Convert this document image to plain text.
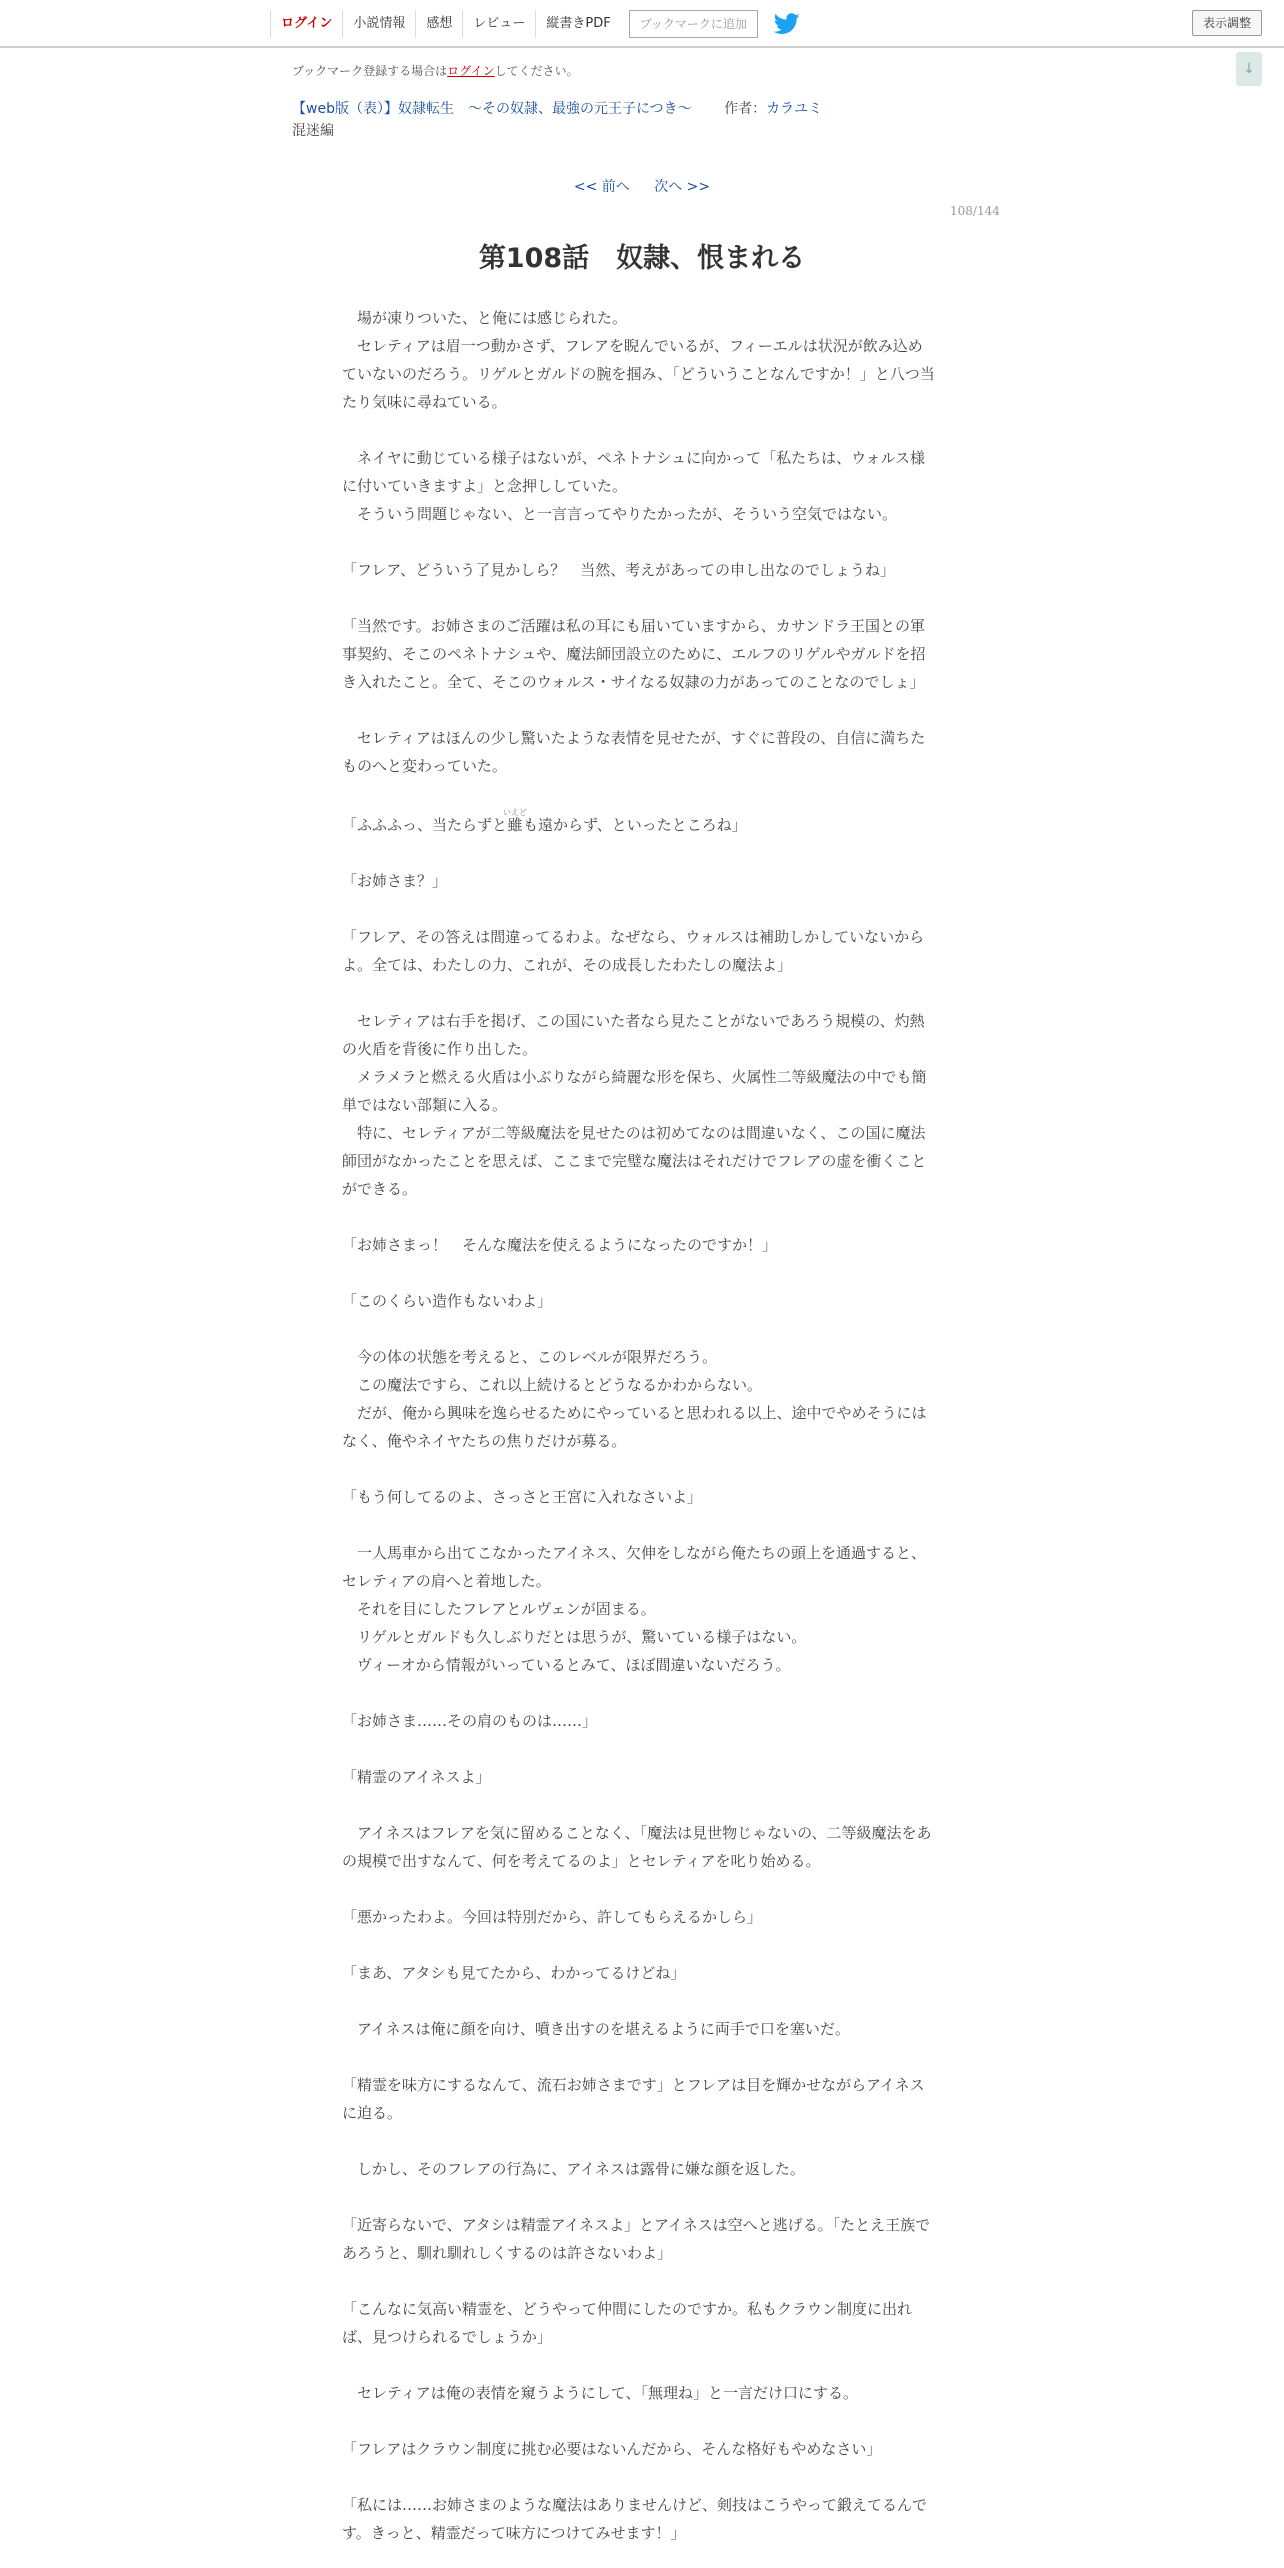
ログイン	小説情報	感想	レビュー	縦書きPDF	ブックマークに追加	表示調整
↓
ブックマーク登録する場合はログインしてください。
【web版（表）】奴隷転生　～その奴隷、最強の元王子につき～ 作者：カラユミ
混迷編
<< 前へ 次へ >>
108/144
第108話　奴隷、恨まれる

　場が凍りついた、と俺には感じられた。

　セレティアは眉一つ動かさず、フレアを睨んでいるが、フィーエルは状況が飲み込めていないのだろう。リゲルとガルドの腕を掴み、「どういうことなんですか！」と八つ当たり気味に尋ねている。

　ネイヤに動じている様子はないが、ペネトナシュに向かって「私たちは、ウォルス様に付いていきますよ」と念押ししていた。

　そういう問題じゃない、と一言言ってやりたかったが、そういう空気ではない。

「フレア、どういう了見かしら？　当然、考えがあっての申し出なのでしょうね」

「当然です。お姉さまのご活躍は私の耳にも届いていますから、カサンドラ王国との軍事契約、そこのペネトナシュや、魔法師団設立のために、エルフのリゲルやガルドを招き入れたこと。全て、そこのウォルス・サイなる奴隷の力があってのことなのでしょ」

　セレティアはほんの少し驚いたような表情を見せたが、すぐに普段の、自信に満ちたものへと変わっていた。

「ふふふっ、当たらずと雖いえども遠からず、といったところね」

「お姉さま？」

「フレア、その答えは間違ってるわよ。なぜなら、ウォルスは補助しかしていないからよ。全ては、わたしの力、これが、その成長したわたしの魔法よ」

　セレティアは右手を掲げ、この国にいた者なら見たことがないであろう規模の、灼熱の火盾を背後に作り出した。

　メラメラと燃える火盾は小ぶりながら綺麗な形を保ち、火属性二等級魔法の中でも簡単ではない部類に入る。

　特に、セレティアが二等級魔法を見せたのは初めてなのは間違いなく、この国に魔法師団がなかったことを思えば、ここまで完璧な魔法はそれだけでフレアの虚を衝くことができる。

「お姉さまっ！　そんな魔法を使えるようになったのですか！」

「このくらい造作もないわよ」

　今の体の状態を考えると、このレベルが限界だろう。

　この魔法ですら、これ以上続けるとどうなるかわからない。

　だが、俺から興味を逸らせるためにやっていると思われる以上、途中でやめそうにはなく、俺やネイヤたちの焦りだけが募る。

「もう何してるのよ、さっさと王宮に入れなさいよ」

　一人馬車から出てこなかったアイネス、欠伸をしながら俺たちの頭上を通過すると、セレティアの肩へと着地した。

　それを目にしたフレアとルヴェンが固まる。

　リゲルとガルドも久しぶりだとは思うが、驚いている様子はない。

　ヴィーオから情報がいっているとみて、ほぼ間違いないだろう。

「お姉さま……その肩のものは……」

「精霊のアイネスよ」

　アイネスはフレアを気に留めることなく、「魔法は見世物じゃないの、二等級魔法をあの規模で出すなんて、何を考えてるのよ」とセレティアを叱り始める。

「悪かったわよ。今回は特別だから、許してもらえるかしら」

「まあ、アタシも見てたから、わかってるけどね」

　アイネスは俺に顔を向け、噴き出すのを堪えるように両手で口を塞いだ。

「精霊を味方にするなんて、流石お姉さまです」とフレアは目を輝かせながらアイネスに迫る。

　しかし、そのフレアの行為に、アイネスは露骨に嫌な顔を返した。

「近寄らないで、アタシは精霊アイネスよ」とアイネスは空へと逃げる。「たとえ王族であろうと、馴れ馴れしくするのは許さないわよ」

「こんなに気高い精霊を、どうやって仲間にしたのですか。私もクラウン制度に出れば、見つけられるでしょうか」

　セレティアは俺の表情を窺うようにして、「無理ね」と一言だけ口にする。

「フレアはクラウン制度に挑む必要はないんだから、そんな格好もやめなさい」

「私には……お姉さまのような魔法はありませんけど、剣技はこうやって鍛えてるんです。きっと、精霊だって味方につけてみせます！」
